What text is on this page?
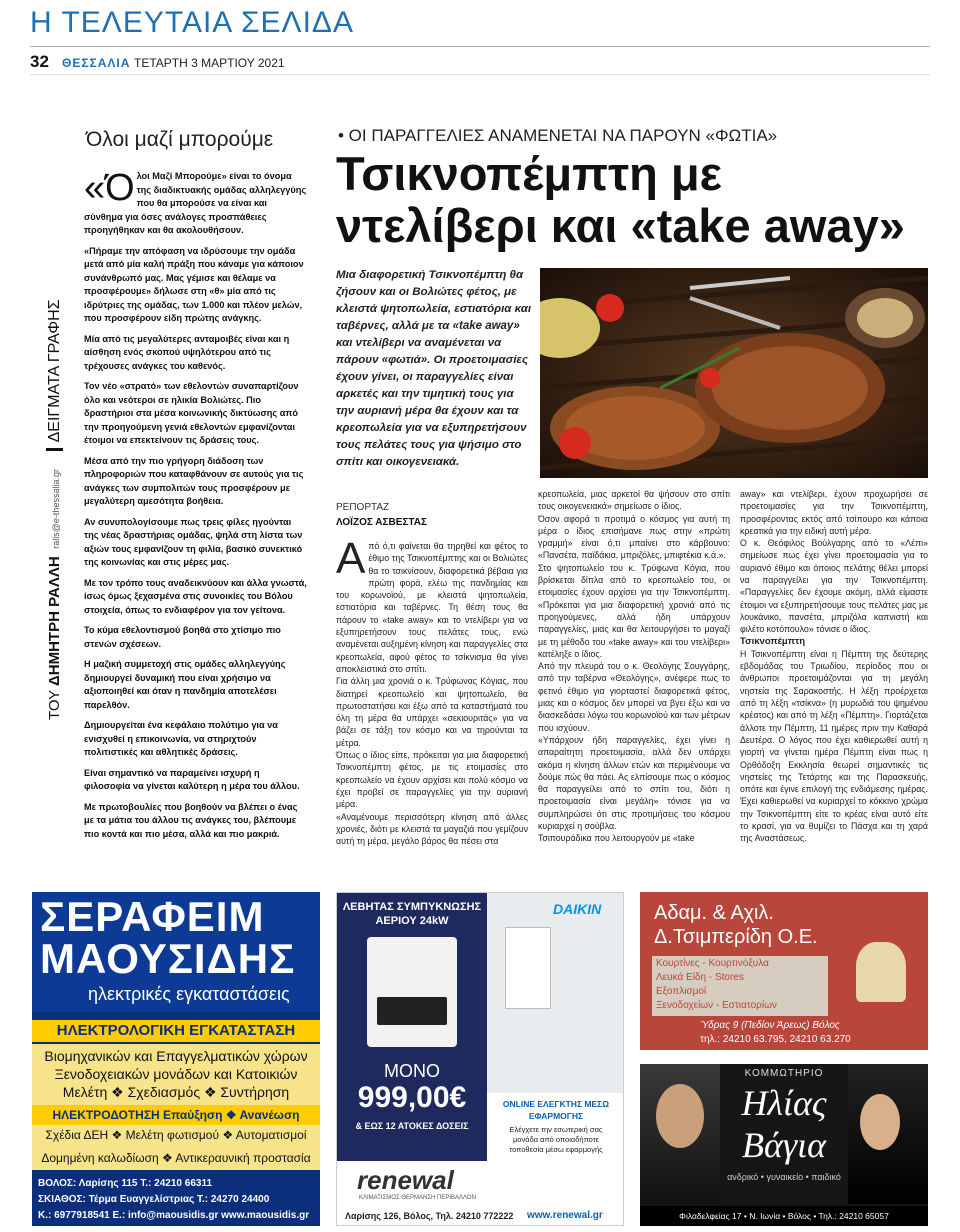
Η ΤΕΛΕΥΤΑΙΑ ΣΕΛΙΔΑ
32 ΘΕΣΣΑΛΙΑ ΤΕΤΑΡΤΗ 3 ΜΑΡΤΙΟΥ 2021
ΤΟΥ ΔΗΜΗΤΡΗ ΡΑΛΛΗ ralis@e-thessalia.gr ΔΕΙΓΜΑΤΑ ΓΡΑΦΗΣ
Όλοι μαζί μπορούμε

«Όλοι Μαζί Μπορούμε» είναι το όνομα της διαδικτυακής ομάδας αλληλεγγύης που θα μπορούσε να είναι και σύνθημα για όσες ανάλογες προσπάθειες προηγήθηκαν και θα ακολουθήσουν.

«Πήραμε την απόφαση να ιδρύσουμε την ομάδα μετά από μία καλή πράξη που κάναμε για κάποιον συνάνθρωπό μας. Μας γέμισε και θέλαμε να προσφέρουμε» δήλωσε στη «θ» μία από τις ιδρύτριες της ομάδας, των 1.000 και πλέον μελών, που προσφέρουν είδη πρώτης ανάγκης.

Μία από τις μεγαλύτερες ανταμοιβές είναι και η αίσθηση ενός σκοπού υψηλότερου από τις τρέχουσες ανάγκες του καθενός.

Τον νέο «στρατό» των εθελοντών συναπαρτίζουν όλο και νεότεροι σε ηλικία Βολιώτες. Πιο δραστήριοι στα μέσα κοινωνικής δικτύωσης από την προηγούμενη γενιά εθελοντών εμφανίζονται έτοιμοι να επεκτείνουν τις δράσεις τους.

Μέσα από την πιο γρήγορη διάδοση των πληροφοριών που καταφθάνουν σε αυτούς για τις ανάγκες των συμπολιτών τους προσφέρουν με μεγαλύτερη αμεσότητα βοήθεια.

Αν συνυπολογίσουμε πως τρεις φίλες ηγούνται της νέας δραστήριας ομάδας, ψηλά στη λίστα των αξιών τους εμφανίζουν τη φιλία, βασικό συνεκτικό της κοινωνίας και στις μέρες μας.

Με τον τρόπο τους αναδεικνύουν και άλλα γνωστά, ίσως όμως ξεχασμένα στις συνοικίες του Βόλου στοιχεία, όπως το ενδιαφέρον για τον γείτονα.

Το κύμα εθελοντισμού βοηθά στο χτίσιμο πιο στενών σχέσεων.

Η μαζική συμμετοχή στις ομάδες αλληλεγγύης δημιουργεί δυναμική που είναι χρήσιμο να αξιοποιηθεί και όταν η πανδημία αποτελέσει παρελθόν.

Δημιουργείται ένα κεφάλαιο πολύτιμο για να ενισχυθεί η επικοινωνία, να στηριχτούν πολιτιστικές και αθλητικές δράσεις.

Είναι σημαντικό να παραμείνει ισχυρή η φιλοσοφία να γίνεται καλύτερη η μέρα του άλλου.

Με πρωτοβουλίες που βοηθούν να βλέπει ο ένας με τα μάτια του άλλου τις ανάγκες του, βλέπουμε πιο κοντά και πιο μέσα, αλλά και πιο μακριά.

• ΟΙ ΠΑΡΑΓΓΕΛΙΕΣ ΑΝΑΜΕΝΕΤΑΙ ΝΑ ΠΑΡΟΥΝ «ΦΩΤΙΑ»
Τσικνοπέμπτη με ντελίβερι και «take away»
Μια διαφορετική Τσικνοπέμπτη θα ζήσουν και οι Βολιώτες φέτος, με κλειστά ψητοπωλεία, εστιατόρια και ταβέρνες, αλλά με τα «take away» και ντελίβερι να αναμένεται να πάρουν «φωτιά». Οι προετοιμασίες έχουν γίνει, οι παραγγελίες είναι αρκετές και την τιμητική τους για την αυριανή μέρα θα έχουν και τα κρεοπωλεία για να εξυπηρετήσουν τους πελάτες τους για ψήσιμο στο σπίτι και οικογενειακά.
ΡΕΠΟΡΤΑΖ
ΛΟΪΖΟΣ ΑΣΒΕΣΤΑΣ

Από ό,τι φαίνεται θα τηρηθεί και φέτος το έθιμο της Τσικνοπέμπτης και οι Βολιώτες θα το τσικνίσουν, διαφορετικά βέβαια για πρώτη φορά, ελέω της πανδημίας και του κορωνοϊού, με κλειστά ψητοπωλεία, εστιατόρια και ταβέρνες. Τη θέση τους θα πάρουν το «take away» και το ντελίβερι για να εξυπηρετήσουν τους πελάτες τους, ενώ αναμένεται αυξημένη κίνηση και παραγγελίες στα κρεοπωλεία, αφού φέτος το τσίκνισμα θα γίνει αποκλειστικά στο σπίτι.

Για άλλη μια χρονιά ο κ. Τρύφωνας Κόγιας, που διατηρεί κρεοπωλείο και ψητοπωλείο, θα πρωτοστατήσει και έξω από τα καταστήματά του όλη τη μέρα θα υπάρχει «σεκιουριτάς» για να βάζει σε τάξη τον κόσμο και να τηρούνται τα μέτρα.

Όπως ο ίδιος είπε, πρόκειται για μια διαφορετική Τσικνοπέμπτη φέτος, με τις ετοιμασίες στο κρεοπωλείο να έχουν αρχίσει και πολύ κόσμο να έχει προβεί σε παραγγελίες για την αυριανή μέρα.

«Αναμένουμε περισσότερη κίνηση από άλλες χρονιές, διότι με κλειστά τα μαγαζιά που γεμίζουν αυτή τη μέρα, μεγάλο βάρος θα πέσει στα

κρεοπωλεία, μιας αρκετοί θα ψήσουν στο σπίτι τους οικογενειακά» σημείωσε ο ίδιος.

Όσον αφορά τι προτιμά ο κόσμος για αυτή τη μέρα ο ίδιος επισήμανε πως στην «πρώτη γραμμή» είναι ό,τι μπαίνει στο κάρβουνο: «Πανσέτα, παϊδάκια, μπριζόλες, μπιφτέκια κ.ά.».

Στο ψητοπωλείο του κ. Τρύφωνα Κόγια, που βρίσκεται δίπλα από το κρεοπωλείο του, οι ετοιμασίες έχουν αρχίσει για την Τσικνοπέμπτη. «Πρόκειται για μια διαφορετική χρονιά από τις προηγούμενες, αλλά ήδη υπάρχουν παραγγελίες, μιας και θα λειτουργήσει το μαγαζί με τη μέθοδο του «take away» και του ντελίβερι» κατέληξε ο ίδιος.

Από την πλευρά του ο κ. Θεολόγης Σουγγάρης, από την ταβέρνα «Θεολόγης», ανέφερε πως το φετινό έθιμο για γιορταστεί διαφορετικά φέτος, μιας και ο κόσμος δεν μπορεί να βγει έξω και να διασκεδάσει λόγω του κορωνοϊού και των μέτρων που ισχύουν.

«Υπάρχουν ήδη παραγγελίες, έχει γίνει η απαραίτητη προετοιμασία, αλλά δεν υπάρχει ακόμα η κίνηση άλλων ετών και περιμένουμε να δούμε πώς θα πάει. Ας ελπίσουμε πως ο κόσμος θα παραγγείλει από το σπίτι του, διότι η προετοιμασία είναι μεγάλη» τόνισε για να συμπληρώσει ότι στις προτιμήσεις του κόσμου κυριαρχεί η σούβλα.

Τσιπουράδικα που λειτουργούν με «take

away» και ντελίβερι, έχουν προχωρήσει σε προετοιμασίες για την Τσικνοπέμπτη, προσφέροντας εκτός από τσίπουρο και κάποια κρεατικά για την ειδική αυτή μέρα.

Ο κ. Θεόφιλος Βούλγαρης από το «Λέπι» σημείωσε πως έχει γίνει προετοιμασία για το αυριανό έθιμο και όποιος πελάτης θέλει μπορεί να παραγγείλει για την Τσικνοπέμπτη. «Παραγγελίες δεν έχουμε ακόμη, αλλά είμαστε έτοιμοι να εξυπηρετήσουμε τους πελάτες μας με λουκάνικο, πανσέτα, μπριζόλα καπνιστή και φιλέτο κοτόπουλο» τόνισε ο ίδιος.

Τσικνοπέμπτη

Η Τσικνοπέμπτη είναι η Πέμπτη της δεύτερης εβδομάδας του Τριωδίου, περίοδος που οι άνθρωποι προετοιμάζονται για τη μεγάλη νηστεία της Σαρακοστής. Η λέξη προέρχεται από τη λέξη «τσίκνα» (η μυρωδιά του ψημένου κρέατος) και από τη λέξη «Πέμπτη». Γιορτάζεται άλλοτε την Πέμπτη, 11 ημέρες πριν την Καθαρά Δευτέρα. Ο λόγος που έχει καθιερωθεί αυτή η γιορτή να γίνεται ημέρα Πέμπτη είναι πως η Ορθόδοξη Εκκλησία θεωρεί σημαντικές τις νηστείες της Τετάρτης και της Παρασκευής, οπότε και έγινε επιλογή της ενδιάμεσης ημέρας. Έχει καθιερωθεί να κυριαρχεί το κόκκινο χρώμα την Τσικνοπέμπτη είτε το κρέας είναι αυτό είτε το κρασί, για να θυμίζει το Πάσχα και τη χαρά της Αναστάσεως.

ΣΕΡΑΦΕΙΜ
ΜΑΟΥΣΙΔΗΣ
ηλεκτρικές εγκαταστάσεις
ΗΛΕΚΤΡΟΛΟΓΙΚΗ ΕΓΚΑΤΑΣΤΑΣΗ
Βιομηχανικών και Επαγγελματικών χώρων
Ξενοδοχειακών μονάδων και Κατοικιών
Μελέτη ❖ Σχεδιασμός ❖ Συντήρηση
ΗΛΕΚΤΡΟΔΟΤΗΣΗ Επαύξηση ❖ Ανανέωση
Σχέδια ΔΕΗ ❖ Μελέτη φωτισμού ❖ Αυτοματισμοί
Δομημένη καλωδίωση ❖ Αντικεραυνική προστασία
ΒΟΛΟΣ: Λαρίσης 115 Τ.: 24210 66311
ΣΚΙΑΘΟΣ: Τέρμα Ευαγγελίστριας Τ.: 24270 24400
Κ.: 6977918541 E.: info@maousidis.gr www.maousidis.gr
ΛΕΒΗΤΑΣ ΣΥΜΠΥΚΝΩΣΗΣ
ΑΕΡΙΟΥ 24kW
ΜΟΝΟ
999,00€
& ΕΩΣ 12 ΑΤΟΚΕΣ ΔΟΣΕΙΣ
DAIKIN
ONLINE ΕΛΕΓΚΤΗΣ ΜΕΣΩ
ΕΦΑΡΜΟΓΗΣ
Ελέγχετε την εσωτερική σας μονάδα από οποιαδήποτε τοποθεσία μέσω εφαρμογής
renewal
ΚΛΙΜΑΤΙΣΜΟΣ ΘΕΡΜΑΝΣΗ ΠΕΡΙΒΑΛΛΟΝ
Λαρίσης 126, Βόλος, Τηλ. 24210 772222 www.renewal.gr
Αδαμ. & Αχιλ.
Δ.Τσιμπερίδη Ο.Ε.
Κουρτίνες - Κουρτινόξυλα
Λευκά Είδη - Stores
Εξοπλισμοί
Ξενοδοχείων - Εστιατορίων
Ύδρας 9 (Πεδίον Άρεως) Βόλος
τηλ.: 24210 63.795, 24210 63.270
ΚΟΜΜΩΤΗΡΙΟ
Ηλίας
Βάγια
ανδρικό • γυναικείο • παιδικό
Φιλαδελφείας 17 • Ν. Ιωνία • Βόλος • Τηλ.: 24210 65057
